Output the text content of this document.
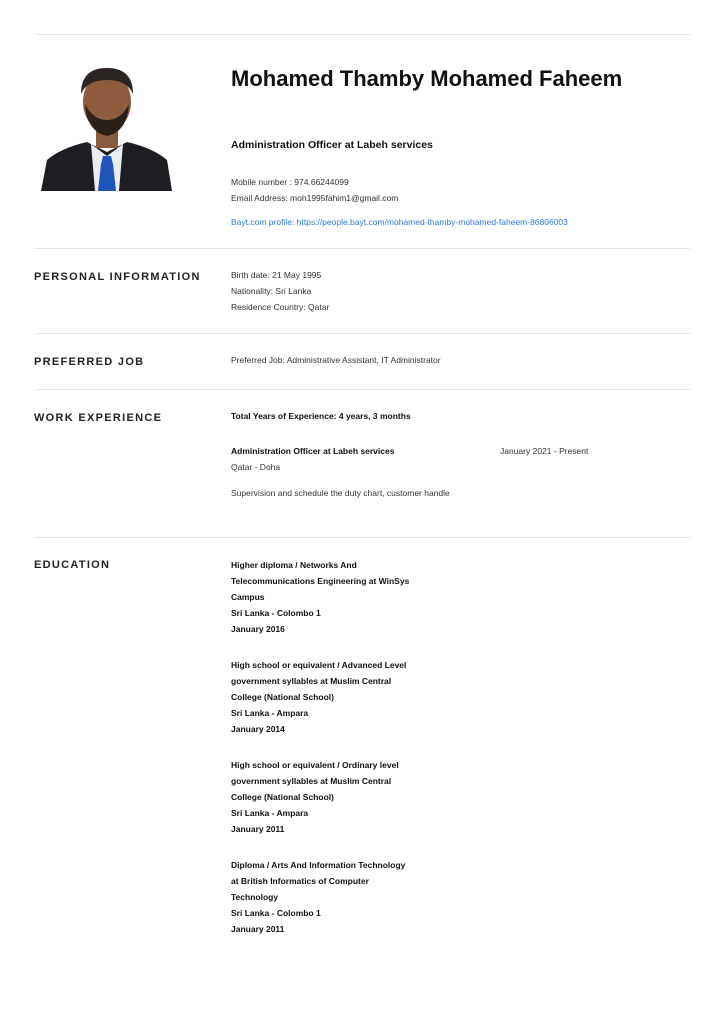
Mohamed Thamby Mohamed Faheem
Administration Officer at Labeh services
Mobile number : 974.66244099
Email Address: moh1995fahim1@gmail.com
Bayt.com profile: https://people.bayt.com/mohamed-thamby-mohamed-faheem-86806003
PERSONAL INFORMATION	Birth date: 21 May 1995
Nationality: Sri Lanka
Residence Country: Qatar
PREFERRED JOB	Preferred Job: Administrative Assistant, IT Administrator
WORK EXPERIENCE	Total Years of Experience: 4 years, 3 months
Administration Officer at Labeh services	January 2021 - Present
Qatar - Doha
Supervision and schedule the duty chart, customer handle
EDUCATION	Higher diploma / Networks And Telecommunications Engineering at WinSys Campus
Sri Lanka - Colombo 1
January 2016
High school or equivalent / Advanced Level government syllables at Muslim Central College (National School)
Sri Lanka - Ampara
January 2014
High school or equivalent / Ordinary level government syllables at Muslim Central College (National School)
Sri Lanka - Ampara
January 2011
Diploma / Arts And Information Technology at British Informatics of Computer Technology
Sri Lanka - Colombo 1
January 2011
